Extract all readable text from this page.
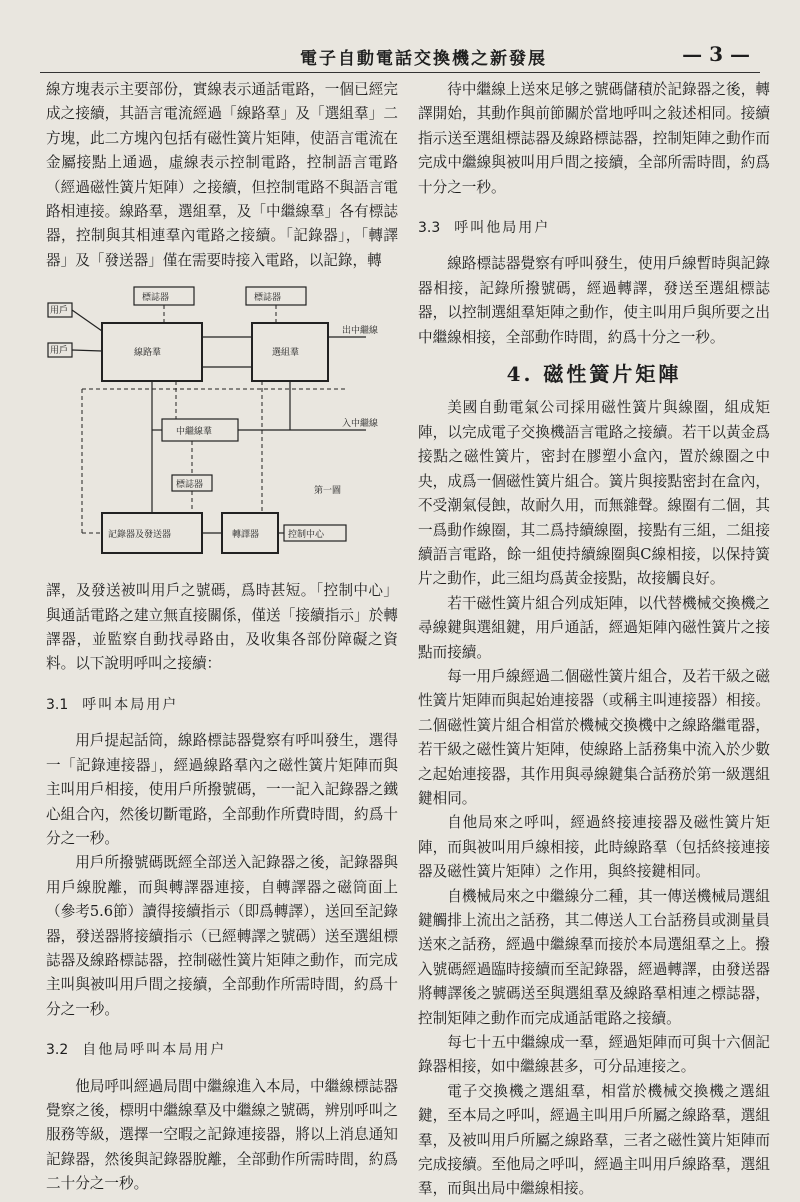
電子自動電話交換機之新發展	— 3 —

線方塊表示主要部份，實線表示通話電路，一個已經完成之接續，其語言電流經過「線路羣」及「選組羣」二方塊，此二方塊內包括有磁性簧片矩陣，使語言電流在金屬接點上通過，虛線表示控制電路，控制語言電路（經過磁性簧片矩陣）之接續，但控制電路不與語言電路相連接。線路羣，選組羣，及「中繼線羣」各有標誌器，控制與其相連羣內電路之接續。「記錄器」，「轉譯器」及「發送器」僅在需要時接入電路，以記錄，轉

標誌器	標誌器
用戶
用戶	線路羣	選組羣
出中繼線
入中繼線
中繼線羣
標誌器
第一圖
記錄器及發送器	轉譯器	控制中心

譯，及發送被叫用戶之號碼，爲時甚短。「控制中心」與通話電路之建立無直接關係，僅送「接續指示」於轉譯器，並監察自動找尋路由，及收集各部份障礙之資料。以下說明呼叫之接續：

3.1 呼叫本局用户

用戶提起話筒，線路標誌器覺察有呼叫發生，選得一「記錄連接器」，經過線路羣內之磁性簧片矩陣而與主叫用戶相接，使用戶所撥號碼，一一記入記錄器之鐵心組合內，然後切斷電路，全部動作所費時間，約爲十分之一秒。

用戶所撥號碼既經全部送入記錄器之後，記錄器與用戶線脫離，而與轉譯器連接，自轉譯器之磁筒面上（參考5.6節）讀得接續指示（即爲轉譯），送回至記錄器，發送器將接續指示（已經轉譯之號碼）送至選組標誌器及線路標誌器，控制磁性簧片矩陣之動作，而完成主叫與被叫用戶間之接續，全部動作所需時間，約爲十分之一秒。

3.2 自他局呼叫本局用户

他局呼叫經過局間中繼線進入本局，中繼線標誌器覺察之後，標明中繼線羣及中繼線之號碼，辨別呼叫之服務等級，選擇一空暇之記錄連接器，將以上消息通知記錄器，然後與記錄器脫離，全部動作所需時間，約爲二十分之一秒。

待中繼線上送來足够之號碼儲積於記錄器之後，轉譯開始，其動作與前節關於當地呼叫之敍述相同。接續指示送至選組標誌器及線路標誌器，控制矩陣之動作而完成中繼線與被叫用戶間之接續，全部所需時間，約爲十分之一秒。

3.3 呼叫他局用户

線路標誌器覺察有呼叫發生，使用戶線暫時與記錄器相接，記錄所撥號碼，經過轉譯，發送至選組標誌器，以控制選組羣矩陣之動作，使主叫用戶與所要之出中繼線相接，全部動作時間，約爲十分之一秒。

4. 磁性簧片矩陣

美國自動電氣公司採用磁性簧片與線圈，組成矩陣，以完成電子交換機語言電路之接續。若干以黃金爲接點之磁性簧片，密封在膠塑小盒內，置於線圈之中央，成爲一個磁性簧片組合。簧片與接點密封在盒內，不受潮氣侵蝕，故耐久用，而無雜聲。線圈有二個，其一爲動作線圈，其二爲持續線圈，接點有三組，二組接續語言電路，餘一組使持續線圈與C線相接，以保持簧片之動作，此三組均爲黃金接點，故接觸良好。

若干磁性簧片組合列成矩陣，以代替機械交換機之尋線鍵與選組鍵，用戶通話，經過矩陣內磁性簧片之接點而接續。

每一用戶線經過二個磁性簧片組合，及若干級之磁性簧片矩陣而與起始連接器（或稱主叫連接器）相接。二個磁性簧片組合相當於機械交換機中之線路繼電器，若干級之磁性簧片矩陣，使線路上話務集中流入於少數之起始連接器，其作用與尋線鍵集合話務於第一級選組鍵相同。

自他局來之呼叫，經過終接連接器及磁性簧片矩陣，而與被叫用戶線相接，此時線路羣（包括終接連接器及磁性簧片矩陣）之作用，與終接鍵相同。

自機械局來之中繼線分二種，其一傳送機械局選組鍵觸排上流出之話務，其二傳送人工台話務員或測量員送來之話務，經過中繼線羣而接於本局選組羣之上。撥入號碼經過臨時接續而至記錄器，經過轉譯，由發送器將轉譯後之號碼送至與選組羣及線路羣相連之標誌器，控制矩陣之動作而完成通話電路之接續。

每七十五中繼線成一羣，經過矩陣而可與十六個記錄器相接，如中繼線甚多，可分品連接之。

電子交換機之選組羣，相當於機械交換機之選組鍵，至本局之呼叫，經過主叫用戶所屬之線路羣，選組羣，及被叫用戶所屬之線路羣，三者之磁性簧片矩陣而完成接續。至他局之呼叫，經過主叫用戶線路羣，選組羣，而與出局中繼線相接。
